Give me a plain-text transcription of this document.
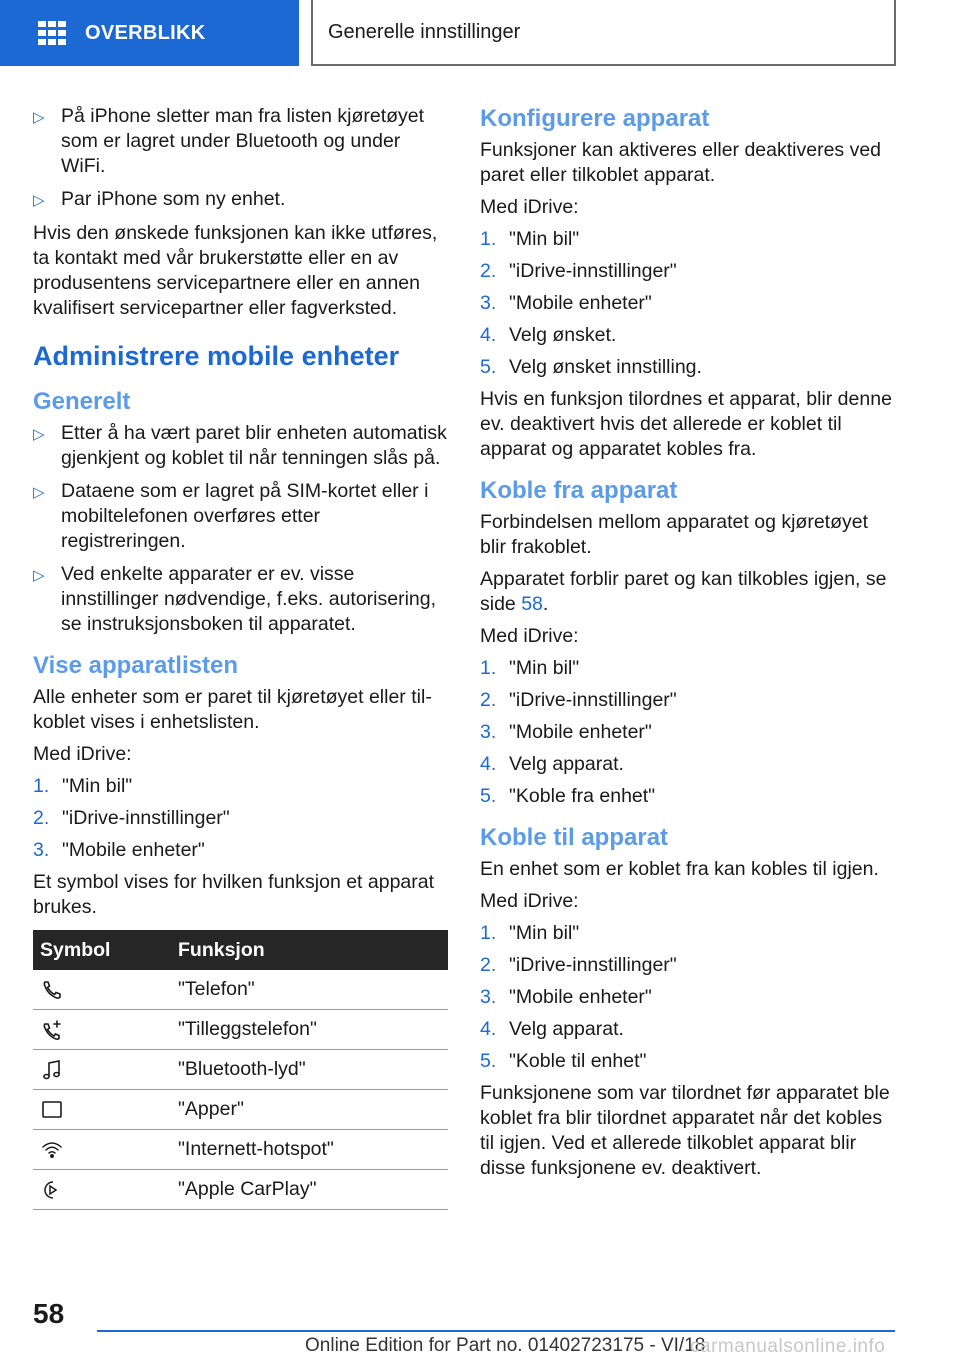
OVERBLIKK	Generelle innstillinger
▷ På iPhone sletter man fra listen kjøretøyet som er lagret under Bluetooth og under WiFi.
▷ Par iPhone som ny enhet.

Hvis den ønskede funksjonen kan ikke utføres, ta kontakt med vår brukerstøtte eller en av produsentens servicepartnere eller en annen kvalifisert servicepartner eller fagverksted.

Administrere mobile enheter
Generelt
▷ Etter å ha vært paret blir enheten automatisk gjenkjent og koblet til når tenningen slås på.
▷ Dataene som er lagret på SIM-kortet eller i mobiltelefonen overføres etter registreringen.
▷ Ved enkelte apparater er ev. visse innstillinger nødvendige, f.eks. autorisering, se instruksjonsboken til apparatet.
Vise apparatlisten

Alle enheter som er paret til kjøretøyet eller tilkoblet vises i enhetslisten.

Med iDrive:

1. "Min bil"
2. "iDrive-innstillinger"
3. "Mobile enheter"

Et symbol vises for hvilken funksjon et apparat brukes.

Symbol	Funksjon
"Telefon"
"Tilleggstelefon"
"Bluetooth-lyd"
"Apper"
"Internett-hotspot"
"Apple CarPlay"
Konfigurere apparat

Funksjoner kan aktiveres eller deaktiveres ved paret eller tilkoblet apparat.

Med iDrive:

1. "Min bil"
2. "iDrive-innstillinger"
3. "Mobile enheter"
4. Velg ønsket.
5. Velg ønsket innstilling.

Hvis en funksjon tilordnes et apparat, blir denne ev. deaktivert hvis det allerede er koblet til apparat og apparatet kobles fra.

Koble fra apparat

Forbindelsen mellom apparatet og kjøretøyet blir frakoblet.

Apparatet forblir paret og kan tilkobles igjen, se side 58.

Med iDrive:

1. "Min bil"
2. "iDrive-innstillinger"
3. "Mobile enheter"
4. Velg apparat.
5. "Koble fra enhet"
Koble til apparat

En enhet som er koblet fra kan kobles til igjen.

Med iDrive:

1. "Min bil"
2. "iDrive-innstillinger"
3. "Mobile enheter"
4. Velg apparat.
5. "Koble til enhet"

Funksjonene som var tilordnet før apparatet ble koblet fra blir tilordnet apparatet når det kobles til igjen. Ved et allerede tilkoblet apparat blir disse funksjonene ev. deaktivert.

58
Online Edition for Part no. 01402723175 - VI/18
carmanualsonline.info
